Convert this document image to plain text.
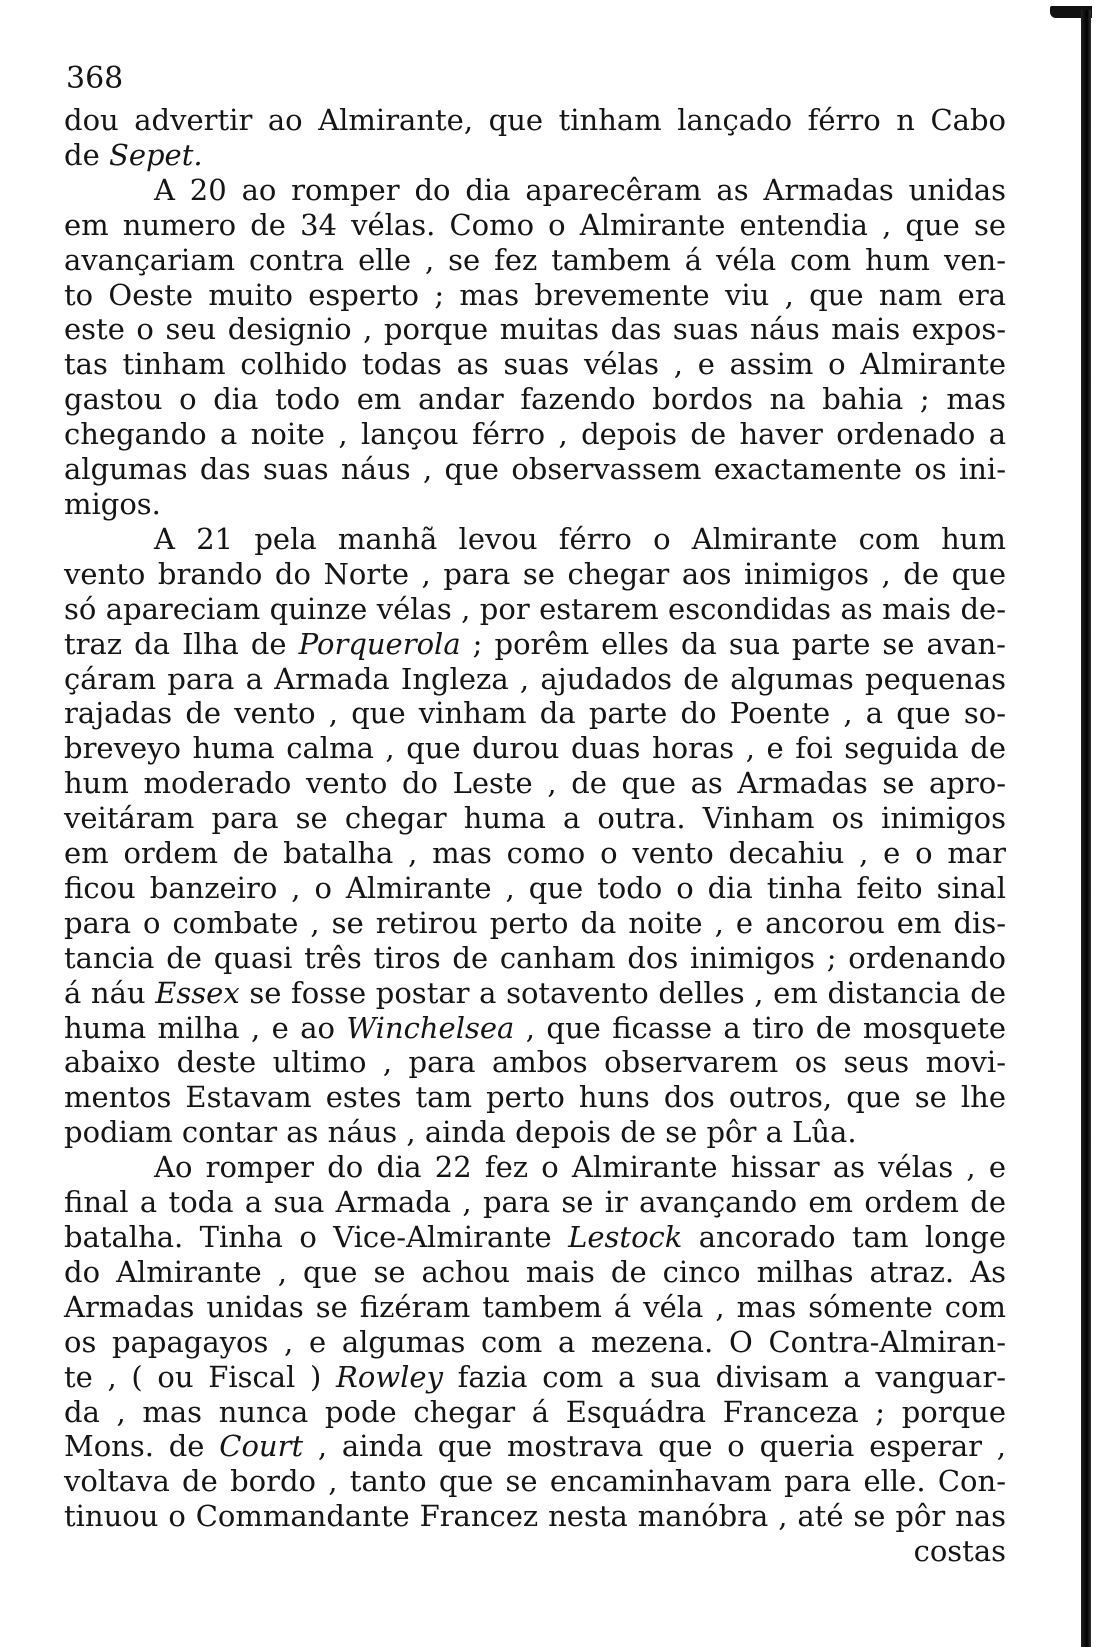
368
dou advertir ao Almirante, que tinham lançado férro n Cabo
de Sepet.
A 20 ao romper do dia aparecêram as Armadas unidas
em numero de 34 vélas. Como o Almirante entendia , que se
avançariam contra elle , se fez tambem á véla com hum ven-
to Oeste muito esperto ; mas brevemente viu , que nam era
este o seu designio , porque muitas das suas náus mais expos-
tas tinham colhido todas as suas vélas , e assim o Almirante
gastou o dia todo em andar fazendo bordos na bahia ; mas
chegando a noite , lançou férro , depois de haver ordenado a
algumas das suas náus , que observassem exactamente os ini-
migos.
A 21 pela manhã levou férro o Almirante com hum
vento brando do Norte , para se chegar aos inimigos , de que
só apareciam quinze vélas , por estarem escondidas as mais de-
traz da Ilha de Porquerola ; porêm elles da sua parte se avan-
çáram para a Armada Ingleza , ajudados de algumas pequenas
rajadas de vento , que vinham da parte do Poente , a que so-
breveyo huma calma , que durou duas horas , e foi seguida de
hum moderado vento do Leste , de que as Armadas se apro-
veitáram para se chegar huma a outra. Vinham os inimigos
em ordem de batalha , mas como o vento decahiu , e o mar
ficou banzeiro , o Almirante , que todo o dia tinha feito sinal
para o combate , se retirou perto da noite , e ancorou em dis-
tancia de quasi três tiros de canham dos inimigos ; ordenando
á náu Essex se fosse postar a sotavento delles , em distancia de
huma milha , e ao Winchelsea , que ficasse a tiro de mosquete
abaixo deste ultimo , para ambos observarem os seus movi-
mentos Estavam estes tam perto huns dos outros, que se lhe
podiam contar as náus , ainda depois de se pôr a Lûa.
Ao romper do dia 22 fez o Almirante hissar as vélas , e
final a toda a sua Armada , para se ir avançando em ordem de
batalha. Tinha o Vice-Almirante Lestock ancorado tam longe
do Almirante , que se achou mais de cinco milhas atraz. As
Armadas unidas se fizéram tambem á véla , mas sómente com
os papagayos , e algumas com a mezena. O Contra-Almiran-
te , ( ou Fiscal ) Rowley fazia com a sua divisam a vanguar-
da , mas nunca pode chegar á Esquádra Franceza ; porque
Mons. de Court , ainda que mostrava que o queria esperar ,
voltava de bordo , tanto que se encaminhavam para elle. Con-
tinuou o Commandante Francez nesta manóbra , até se pôr nas
costas
